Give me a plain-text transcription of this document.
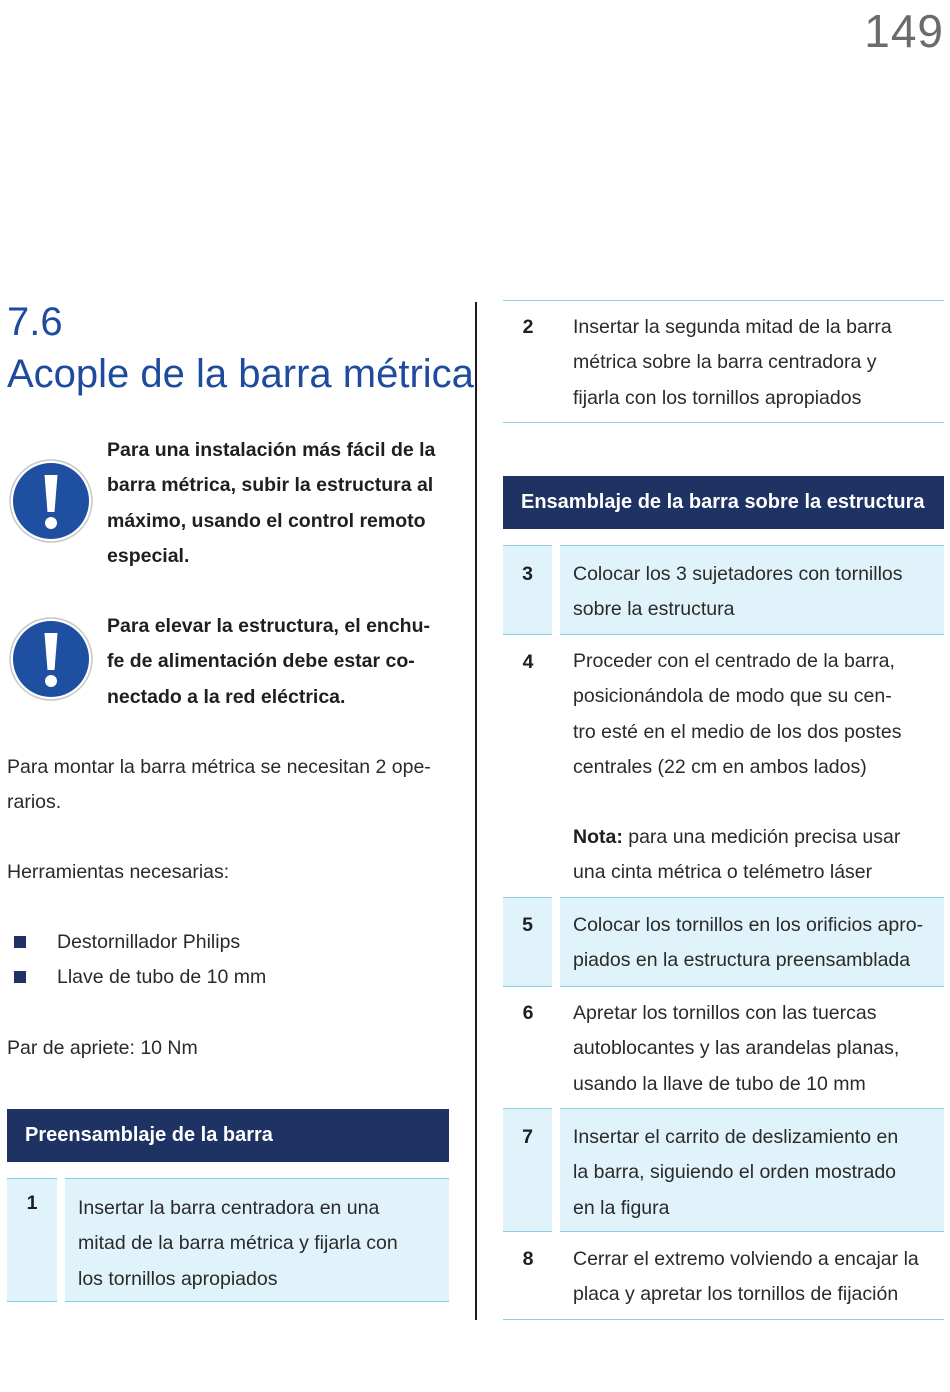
149
7.6
Acople de la barra métrica
Para una instalación más fácil de la
barra métrica, subir la estructura al
máximo, usando el control remoto
especial.
Para elevar la estructura, el enchu-
fe de alimentación debe estar co-
nectado a la red eléctrica.
Para montar la barra métrica se necesitan 2 ope-
rarios.
Herramientas necesarias:
Destornillador Philips
Llave de tubo de 10 mm
Par de apriete: 10 Nm
Preensamblaje de la barra
1	Insertar la barra centradora en una
mitad de la barra métrica y fijarla con
los tornillos apropiados
2	Insertar la segunda mitad de la barra
métrica sobre la barra centradora y
fijarla con los tornillos apropiados
Ensamblaje de la barra sobre la estructura
3	Colocar los 3 sujetadores con tornillos
sobre la estructura
4	Proceder con el centrado de la barra,
posicionándola de modo que su cen-
tro esté en el medio de los dos postes
centrales (22 cm en ambos lados)
Nota: para una medición precisa usar
una cinta métrica o telémetro láser
5	Colocar los tornillos en los orificios apro-
piados en la estructura preensamblada
6	Apretar los tornillos con las tuercas
autoblocantes y las arandelas planas,
usando la llave de tubo de 10 mm
7	Insertar el carrito de deslizamiento en
la barra, siguiendo el orden mostrado
en la figura
8	Cerrar el extremo volviendo a encajar la
placa y apretar los tornillos de fijación
